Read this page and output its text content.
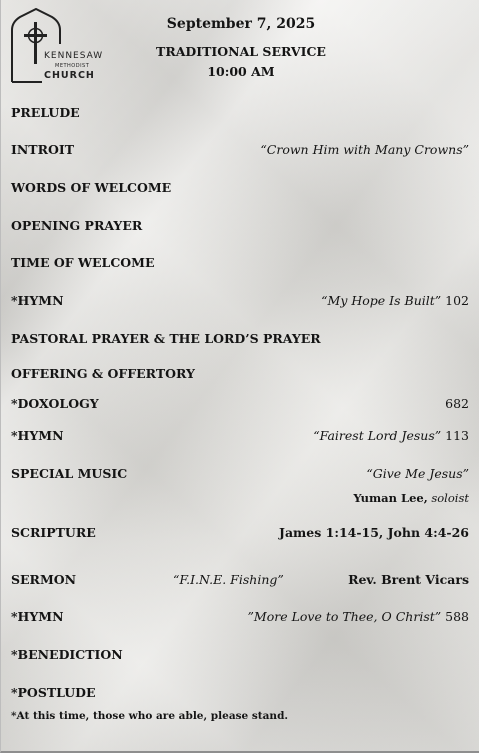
KENNESAW
METHODIST
CHURCH
September 7, 2025
TRADITIONAL SERVICE
10:00 AM
PRELUDE
INTROIT	“Crown Him with Many Crowns”
WORDS OF WELCOME
OPENING PRAYER
TIME OF WELCOME
*HYMN	“My Hope Is Built” 102
PASTORAL PRAYER & THE LORD’S PRAYER
OFFERING & OFFERTORY
*DOXOLOGY	682
*HYMN	“Fairest Lord Jesus” 113
SPECIAL MUSIC	“Give Me Jesus”
Yuman Lee, soloist
SCRIPTURE	James 1:14-15, John 4:4-26
SERMON	“F.I.N.E. Fishing”	Rev. Brent Vicars
*HYMN	”More Love to Thee, O Christ” 588
*BENEDICTION
*POSTLUDE
*At this time, those who are able, please stand.
